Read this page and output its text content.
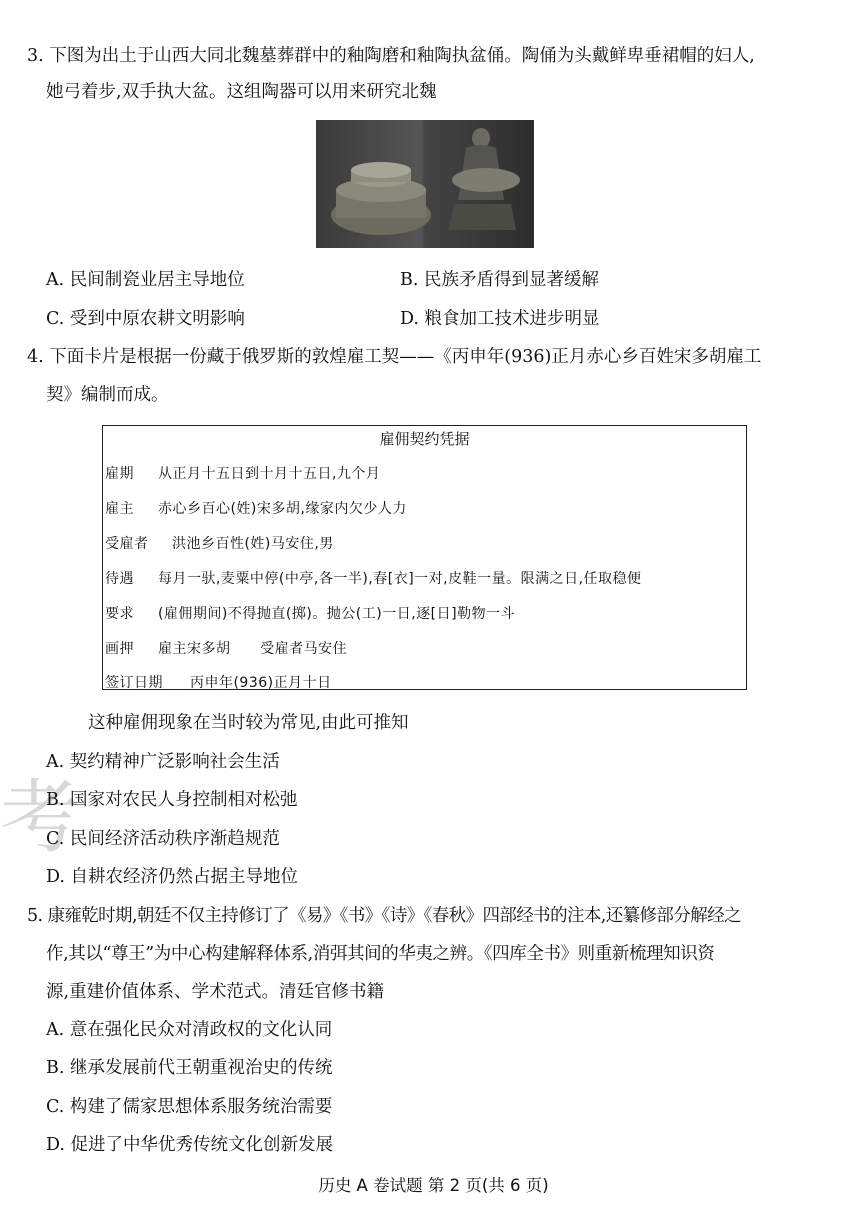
3. 下图为出土于山西大同北魏墓葬群中的釉陶磨和釉陶执盆俑。陶俑为头戴鲜卑垂裙帽的妇人,
她弓着步,双手执大盆。这组陶器可以用来研究北魏
A. 民间制瓷业居主导地位	B. 民族矛盾得到显著缓解
C. 受到中原农耕文明影响	D. 粮食加工技术进步明显
4. 下面卡片是根据一份藏于俄罗斯的敦煌雇工契——《丙申年(936)正月赤心乡百姓宋多胡雇工
契》编制而成。
雇佣契约凭据
雇期 从正月十五日到十月十五日,九个月
雇主 赤心乡百心(姓)宋多胡,缘家内欠少人力
受雇者 洪池乡百性(姓)马安住,男
待遇 每月一驮,麦粟中停(中亭,各一半),春[衣]一对,皮鞋一量。限满之日,任取稳便
要求 (雇佣期间)不得抛直(掷)。抛公(工)一日,逐[日]勒物一斗
画押 雇主宋多胡      受雇者马安住
签订日期 丙申年(936)正月十日
考
这种雇佣现象在当时较为常见,由此可推知
A. 契约精神广泛影响社会生活
B. 国家对农民人身控制相对松弛
C. 民间经济活动秩序渐趋规范
D. 自耕农经济仍然占据主导地位
5. 康雍乾时期,朝廷不仅主持修订了《易》《书》《诗》《春秋》四部经书的注本,还纂修部分解经之
作,其以“尊王”为中心构建解释体系,消弭其间的华夷之辨。《四库全书》则重新梳理知识资
源,重建价值体系、学术范式。清廷官修书籍
A. 意在强化民众对清政权的文化认同
B. 继承发展前代王朝重视治史的传统
C. 构建了儒家思想体系服务统治需要
D. 促进了中华优秀传统文化创新发展
历史 A 卷试题 第 2 页(共 6 页)
